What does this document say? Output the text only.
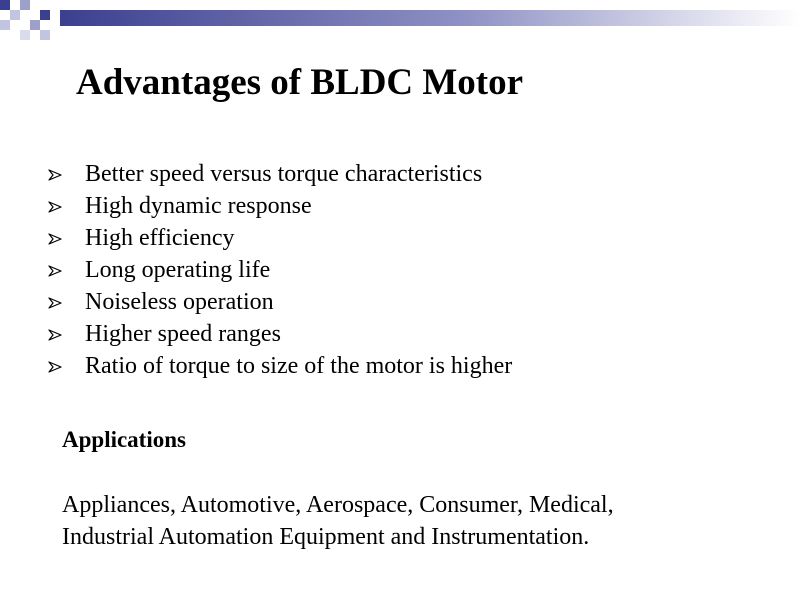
Advantages of BLDC Motor
Better speed versus torque characteristics
High dynamic response
High efficiency
Long operating life
Noiseless operation
Higher speed ranges
Ratio of torque to size of the motor is higher
Applications

Appliances, Automotive, Aerospace, Consumer, Medical,
Industrial Automation Equipment and Instrumentation.
